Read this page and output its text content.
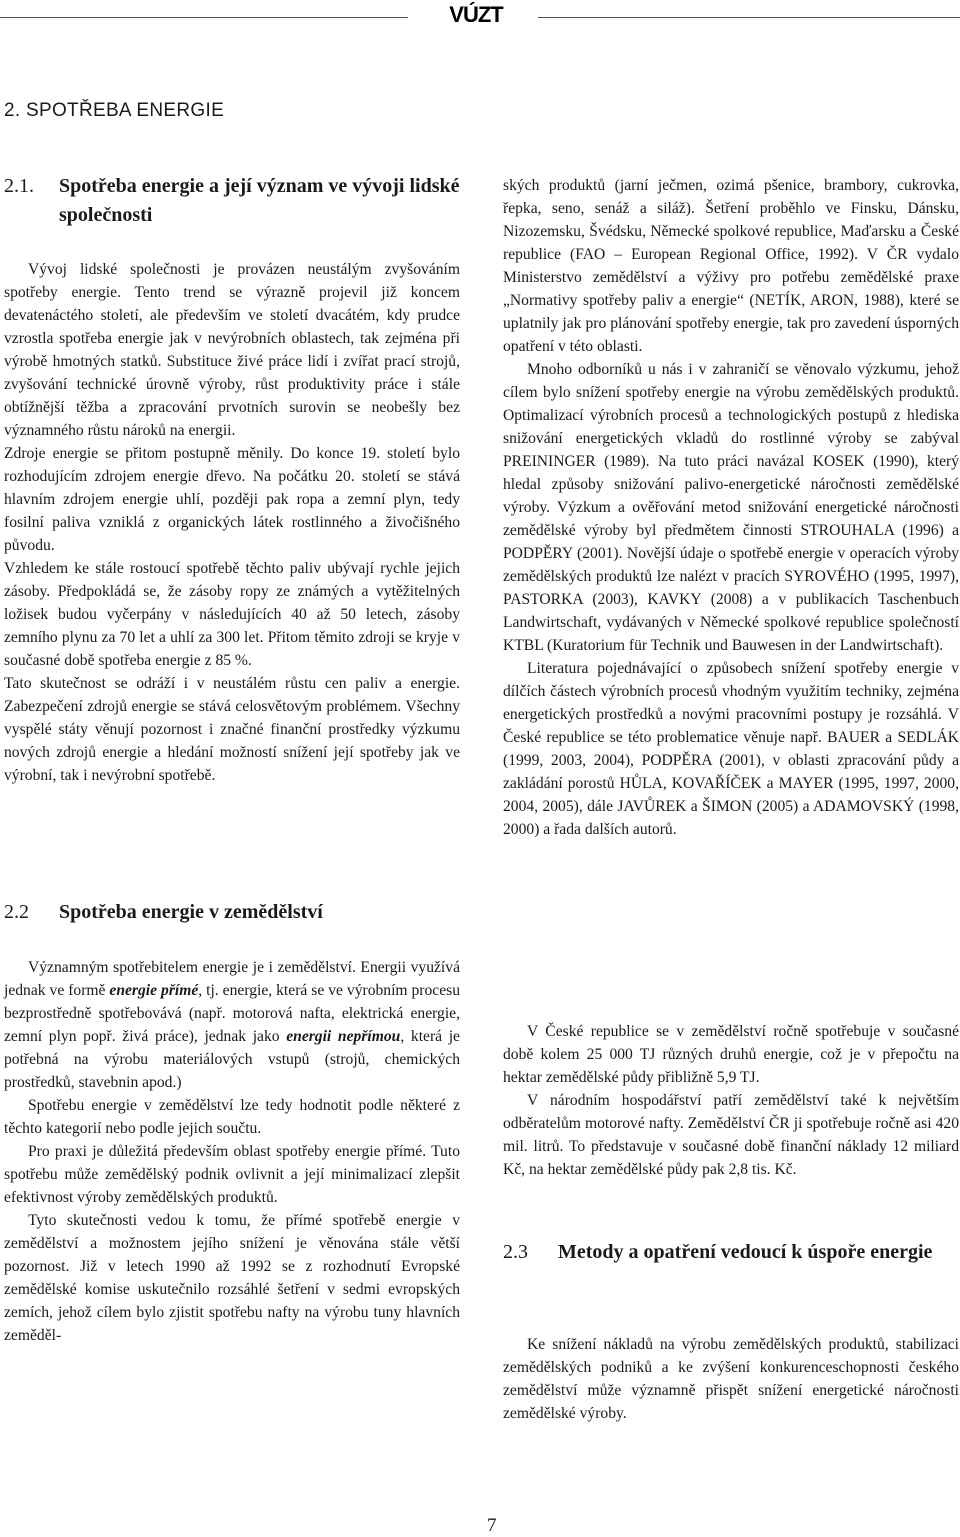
VÚZT
2. SPOTŘEBA ENERGIE
2.1.	Spotřeba energie a její význam ve vývoji lidské společnosti

Vývoj lidské společnosti je provázen neustálým zvyšováním spotřeby energie. Tento trend se výrazně projevil již koncem devatenáctého století, ale především ve století dvacátém, kdy prudce vzrostla spotřeba energie jak v nevýrobních oblastech, tak zejména při výrobě hmotných statků. Substituce živé práce lidí i zvířat prací strojů, zvyšování technické úrovně výroby, růst produktivity práce i stále obtížnější těžba a zpracování prvotních surovin se neobešly bez významného růstu nároků na energii.

Zdroje energie se přitom postupně měnily. Do konce 19. století bylo rozhodujícím zdrojem energie dřevo. Na počátku 20. století se stává hlavním zdrojem energie uhlí, později pak ropa a zemní plyn, tedy fosilní paliva vzniklá z organických látek rostlinného a živočišného původu.

Vzhledem ke stále rostoucí spotřebě těchto paliv ubývají rychle jejich zásoby. Předpokládá se, že zásoby ropy ze známých a vytěžitelných ložisek budou vyčerpány v následujících 40 až 50 letech, zásoby zemního plynu za 70 let a uhlí za 300 let. Přitom těmito zdroji se kryje v současné době spotřeba energie z 85 %.

Tato skutečnost se odráží i v neustálém růstu cen paliv a energie. Zabezpečení zdrojů energie se stává celosvětovým problémem. Všechny vyspělé státy věnují pozornost i značné finanční prostředky výzkumu nových zdrojů energie a hledání možností snížení její spotřeby jak ve výrobní, tak i nevýrobní spotřebě.

2.2	Spotřeba energie v zemědělství

Významným spotřebitelem energie je i zemědělství. Energii využívá jednak ve formě energie přímé, tj. energie, která se ve výrobním procesu bezprostředně spotřebovává (např. motorová nafta, elektrická energie, zemní plyn popř. živá práce), jednak jako energii nepřímou, která je potřebná na výrobu materiálových vstupů (strojů, chemických prostředků, stavebnin apod.)

Spotřebu energie v zemědělství lze tedy hodnotit podle některé z těchto kategorií nebo podle jejich součtu.

Pro praxi je důležitá především oblast spotřeby energie přímé. Tuto spotřebu může zemědělský podnik ovlivnit a její minimalizací zlepšit efektivnost výroby zemědělských produktů.

Tyto skutečnosti vedou k tomu, že přímé spotřebě energie v zemědělství a možnostem jejího snížení je věnována stále větší pozornost. Již v letech 1990 až 1992 se z rozhodnutí Evropské zemědělské komise uskutečnilo rozsáhlé šetření v sedmi evropských zemích, jehož cílem bylo zjistit spotřebu nafty na výrobu tuny hlavních zeměděl-

ských produktů (jarní ječmen, ozimá pšenice, brambory, cukrovka, řepka, seno, senáž a siláž). Šetření proběhlo ve Finsku, Dánsku, Nizozemsku, Švédsku, Německé spolkové republice, Maďarsku a České republice (FAO – European Regional Office, 1992). V ČR vydalo Ministerstvo zemědělství a výživy pro potřebu zemědělské praxe „Normativy spotřeby paliv a energie“ (NETÍK, ARON, 1988), které se uplatnily jak pro plánování spotřeby energie, tak pro zavedení úsporných opatření v této oblasti.

Mnoho odborníků u nás i v zahraničí se věnovalo výzkumu, jehož cílem bylo snížení spotřeby energie na výrobu zemědělských produktů. Optimalizací výrobních procesů a technologických postupů z hlediska snižování energetických vkladů do rostlinné výroby se zabýval PREININGER (1989). Na tuto práci navázal KOSEK (1990), který hledal způsoby snižování palivo-energetické náročnosti zemědělské výroby. Výzkum a ověřování metod snižování energetické náročnosti zemědělské výroby byl předmětem činnosti STROUHALA (1996) a PODPĚRY (2001). Novější údaje o spotřebě energie v operacích výroby zemědělských produktů lze nalézt v pracích SYROVÉHO (1995, 1997), PASTORKA (2003), KAVKY (2008) a v publikacích Taschenbuch Landwirtschaft, vydávaných v Německé spolkové republice společností KTBL (Kuratorium für Technik und Bauwesen in der Landwirtschaft).

Literatura pojednávající o způsobech snížení spotřeby energie v dílčích částech výrobních procesů vhodným využitím techniky, zejména energetických prostředků a novými pracovními postupy je rozsáhlá. V České republice se této problematice věnuje např. BAUER a SEDLÁK (1999, 2003, 2004), PODPĚRA (2001), v oblasti zpracování půdy a zakládání porostů HŮLA, KOVAŘÍČEK a MAYER (1995, 1997, 2000, 2004, 2005), dále JAVŮREK a ŠIMON (2005) a ADAMOVSKÝ (1998, 2000) a řada dalších autorů.

V České republice se v zemědělství ročně spotřebuje v současné době kolem 25 000 TJ různých druhů energie, což je v přepočtu na hektar zemědělské půdy přibližně 5,9 TJ.

V národním hospodářství patří zemědělství také k největším odběratelům motorové nafty. Zemědělství ČR ji spotřebuje ročně asi 420 mil. litrů. To představuje v současné době finanční náklady 12 miliard Kč, na hektar zemědělské půdy pak 2,8 tis. Kč.

2.3	Metody a opatření vedoucí k úspoře energie

Ke snížení nákladů na výrobu zemědělských produktů, stabilizaci zemědělských podniků a ke zvýšení konkurenceschopnosti českého zemědělství může významně přispět snížení energetické náročnosti zemědělské výroby.

7
